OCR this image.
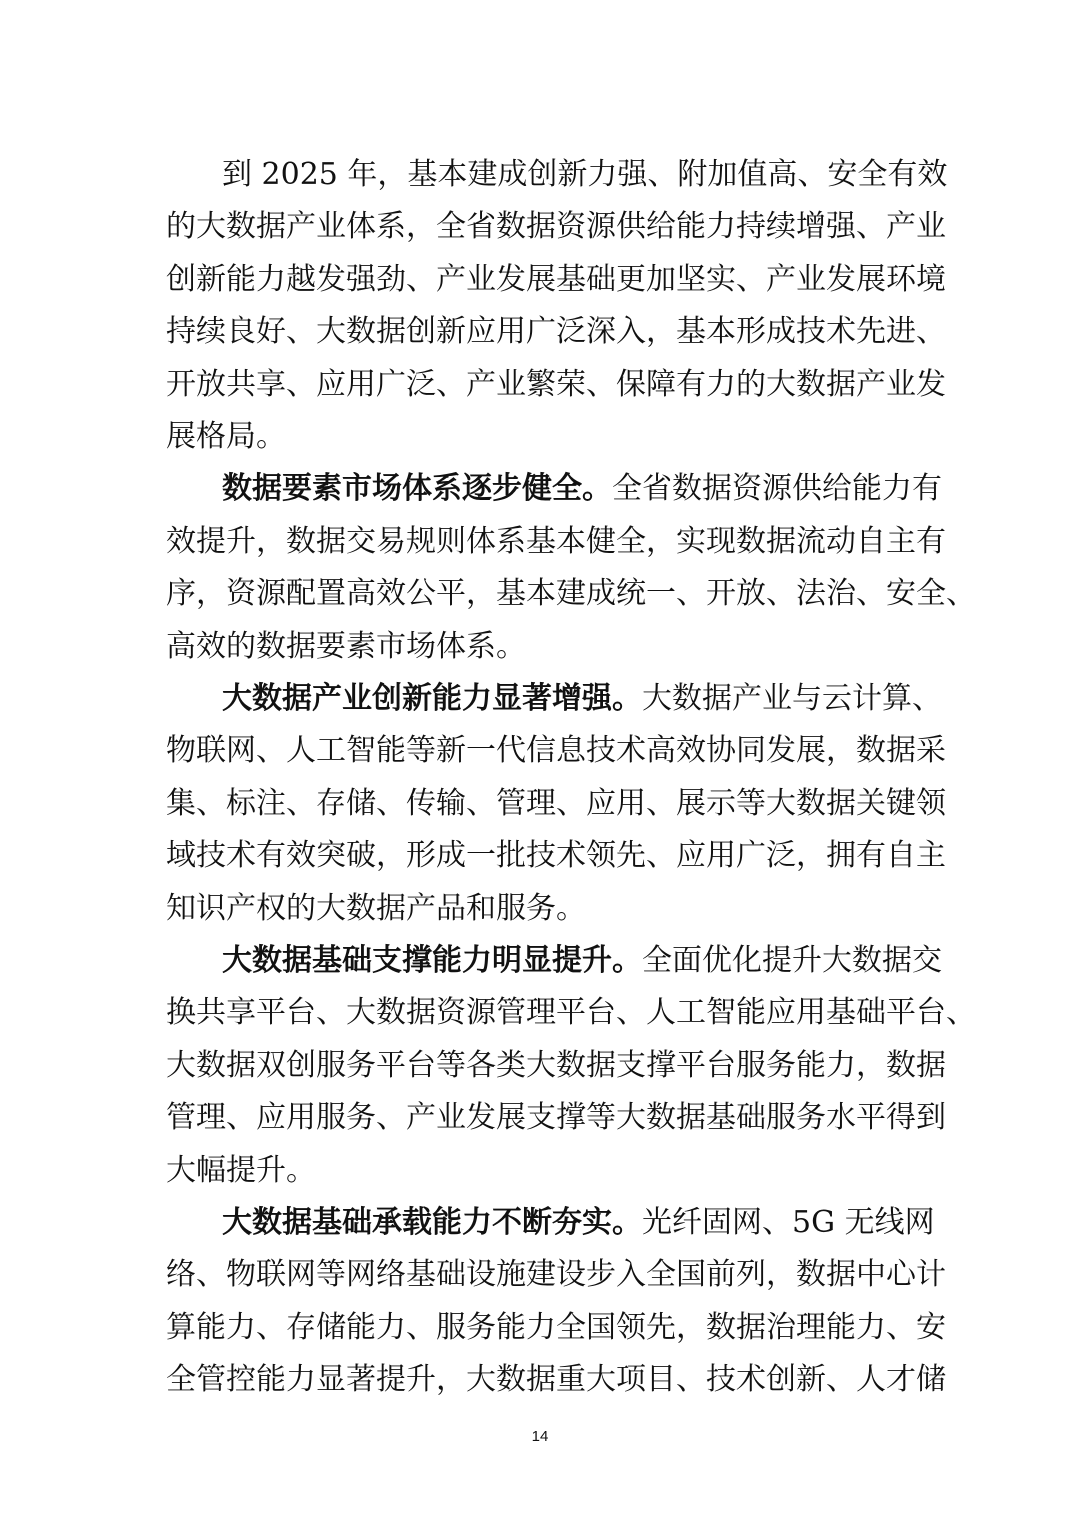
到 2025 年，基本建成创新力强、附加值高、安全有效
的大数据产业体系，全省数据资源供给能力持续增强、产业
创新能力越发强劲、产业发展基础更加坚实、产业发展环境
持续良好、大数据创新应用广泛深入，基本形成技术先进、
开放共享、应用广泛、产业繁荣、保障有力的大数据产业发
展格局。
数据要素市场体系逐步健全。全省数据资源供给能力有
效提升，数据交易规则体系基本健全，实现数据流动自主有
序，资源配置高效公平，基本建成统一、开放、法治、安全、
高效的数据要素市场体系。
大数据产业创新能力显著增强。大数据产业与云计算、
物联网、人工智能等新一代信息技术高效协同发展，数据采
集、标注、存储、传输、管理、应用、展示等大数据关键领
域技术有效突破，形成一批技术领先、应用广泛，拥有自主
知识产权的大数据产品和服务。
大数据基础支撑能力明显提升。全面优化提升大数据交
换共享平台、大数据资源管理平台、人工智能应用基础平台、
大数据双创服务平台等各类大数据支撑平台服务能力，数据
管理、应用服务、产业发展支撑等大数据基础服务水平得到
大幅提升。
大数据基础承载能力不断夯实。光纤固网、5G 无线网
络、物联网等网络基础设施建设步入全国前列，数据中心计
算能力、存储能力、服务能力全国领先，数据治理能力、安
全管控能力显著提升，大数据重大项目、技术创新、人才储
14
